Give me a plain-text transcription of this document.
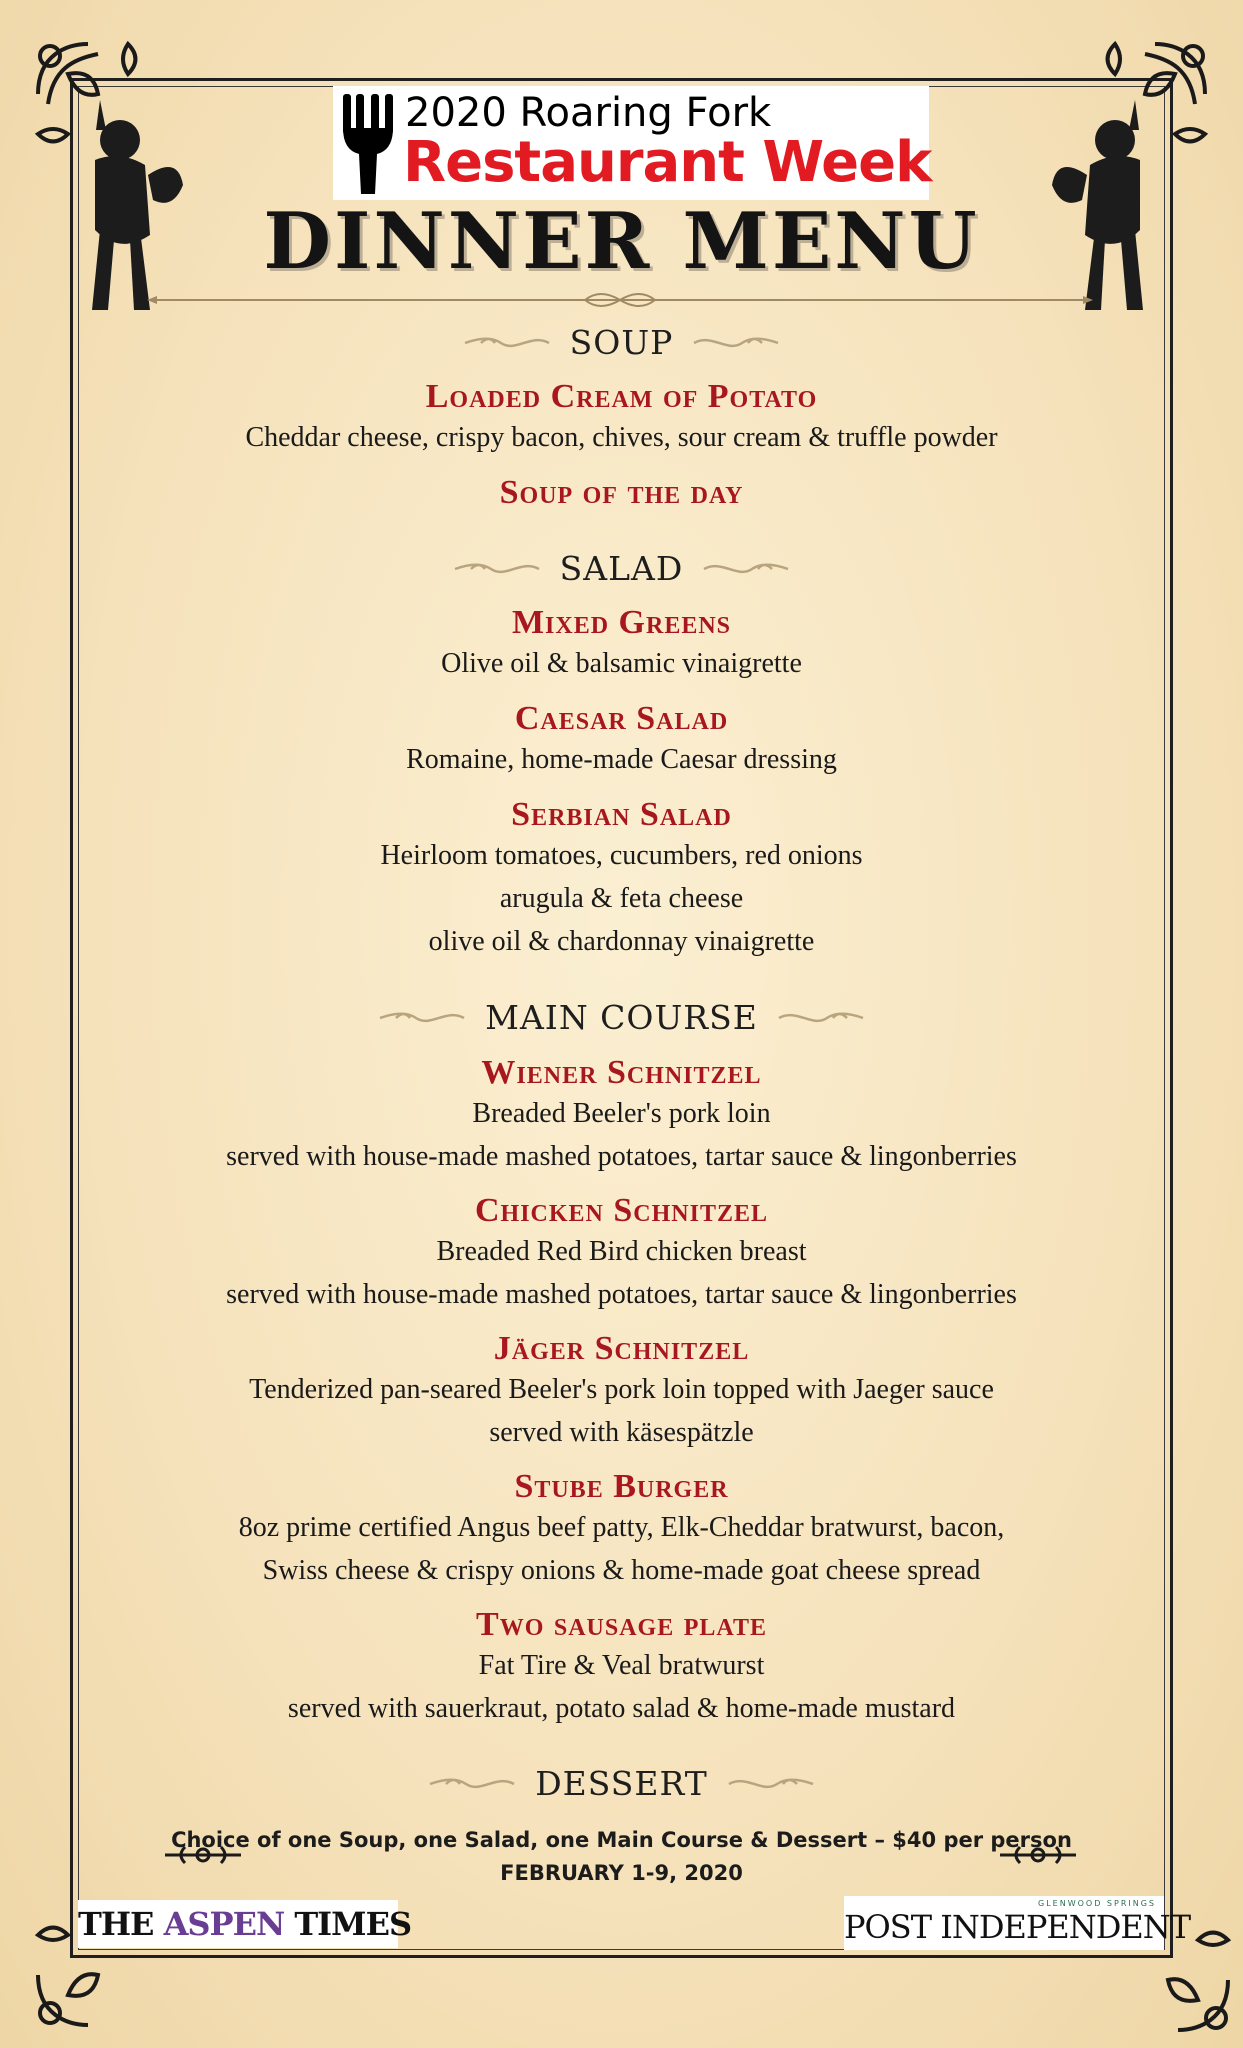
2020 Roaring Fork
Restaurant Week
DINNER MENU
SOUP
Loaded Cream of Potato
Cheddar cheese, crispy bacon, chives, sour cream & truffle powder
Soup of the day
SALAD
Mixed Greens
Olive oil & balsamic vinaigrette
Caesar Salad
Romaine, home-made Caesar dressing
Serbian Salad
Heirloom tomatoes, cucumbers, red onions
arugula & feta cheese
olive oil & chardonnay vinaigrette
MAIN COURSE
Wiener Schnitzel
Breaded Beeler's pork loin
served with house-made mashed potatoes, tartar sauce & lingonberries
Chicken Schnitzel
Breaded Red Bird chicken breast
served with house-made mashed potatoes, tartar sauce & lingonberries
Jäger Schnitzel
Tenderized pan-seared Beeler's pork loin topped with Jaeger sauce
served with käsespätzle
Stube Burger
8oz prime certified Angus beef patty, Elk-Cheddar bratwurst, bacon,
Swiss cheese & crispy onions & home-made goat cheese spread
Two sausage plate
Fat Tire & Veal bratwurst
served with sauerkraut, potato salad & home-made mustard
DESSERT
Choice of one Soup, one Salad, one Main Course & Dessert – $40 per person
FEBRUARY 1-9, 2020
THE ASPEN TIMES
GLENWOOD SPRINGS
POST INDEPENDENT
